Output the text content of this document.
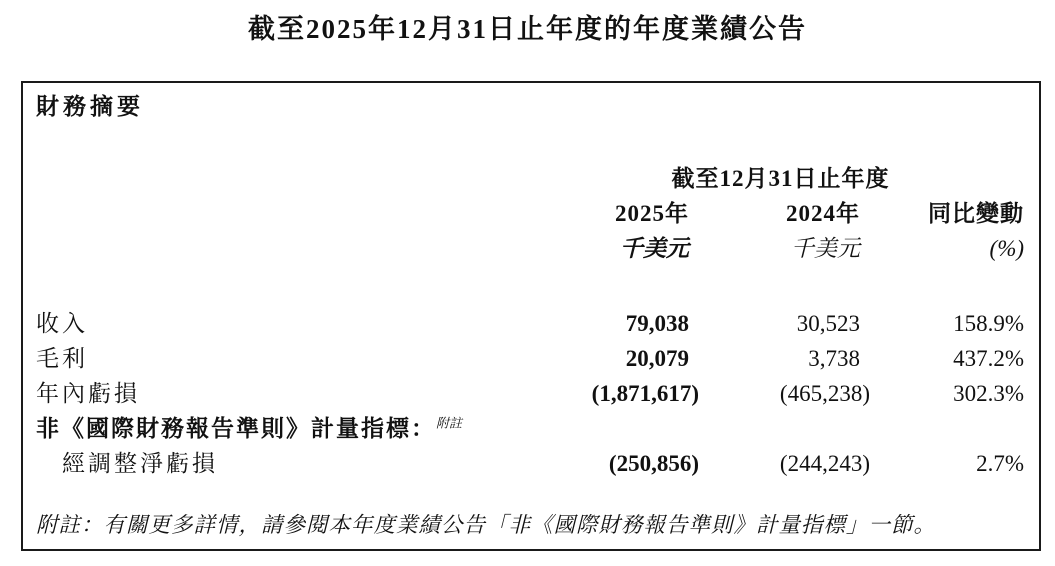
截至2025年12月31日止年度的年度業績公告
財務摘要
	截至12月31日止年度		
	2025年	2024年	同比變動
	千美元	千美元	(%)

收入	79,038	30,523	158.9%
毛利	20,079	3,738	437.2%
年內虧損	(1,871,617)	(465,238)	302.3%
非《國際財務報告準則》計量指標：$^{附註}$
經調整淨虧損	(250,856)	(244,243)	2.7%

附註：有關更多詳情，請參閱本年度業績公告「非《國際財務報告準則》計量指標」一節。
